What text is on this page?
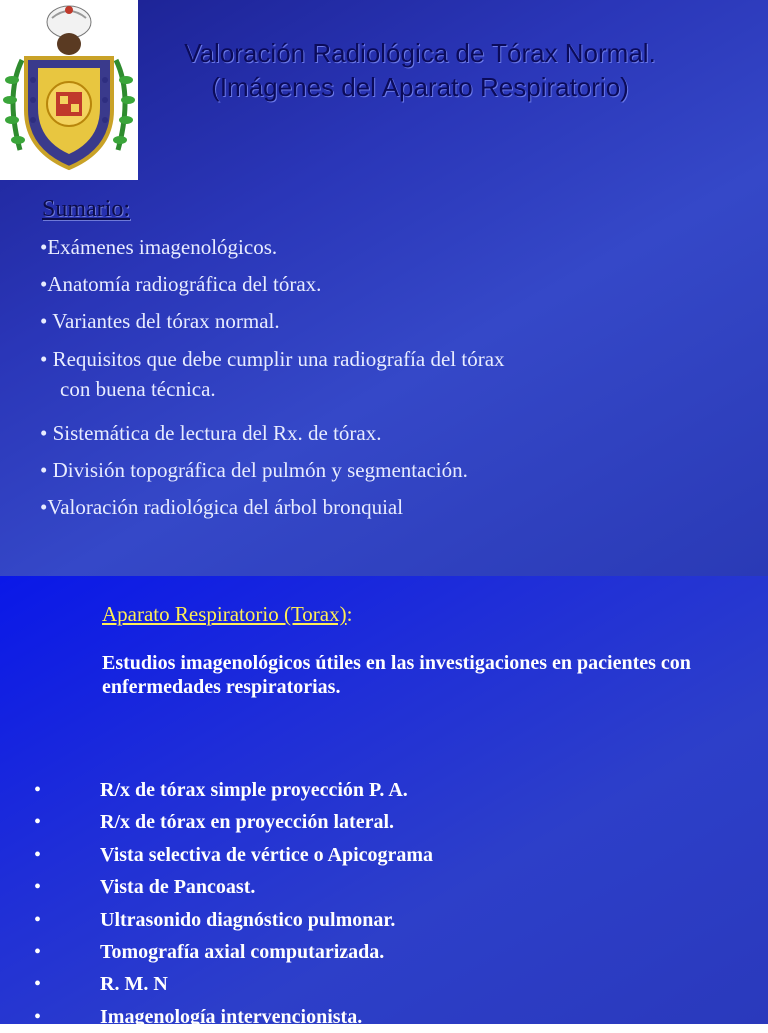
Valoración Radiológica de Tórax Normal.
(Imágenes del Aparato Respiratorio)
Sumario:
•Exámenes imagenológicos.
•Anatomía radiográfica del tórax.
• Variantes del tórax normal.
• Requisitos que debe cumplir una radiografía del tórax
con buena técnica.
• Sistemática de lectura del Rx. de tórax.
• División topográfica del pulmón y segmentación.
•Valoración radiológica del árbol bronquial
Aparato Respiratorio (Torax):
Estudios imagenológicos útiles en las investigaciones en pacientes con enfermedades respiratorias.
•	R/x de tórax simple proyección P. A.
•	R/x de tórax en proyección lateral.
•	Vista selectiva de vértice o Apicograma
•	Vista de Pancoast.
•	Ultrasonido diagnóstico pulmonar.
•	Tomografía axial computarizada.
•	R. M. N
•	Imagenología intervencionista.
